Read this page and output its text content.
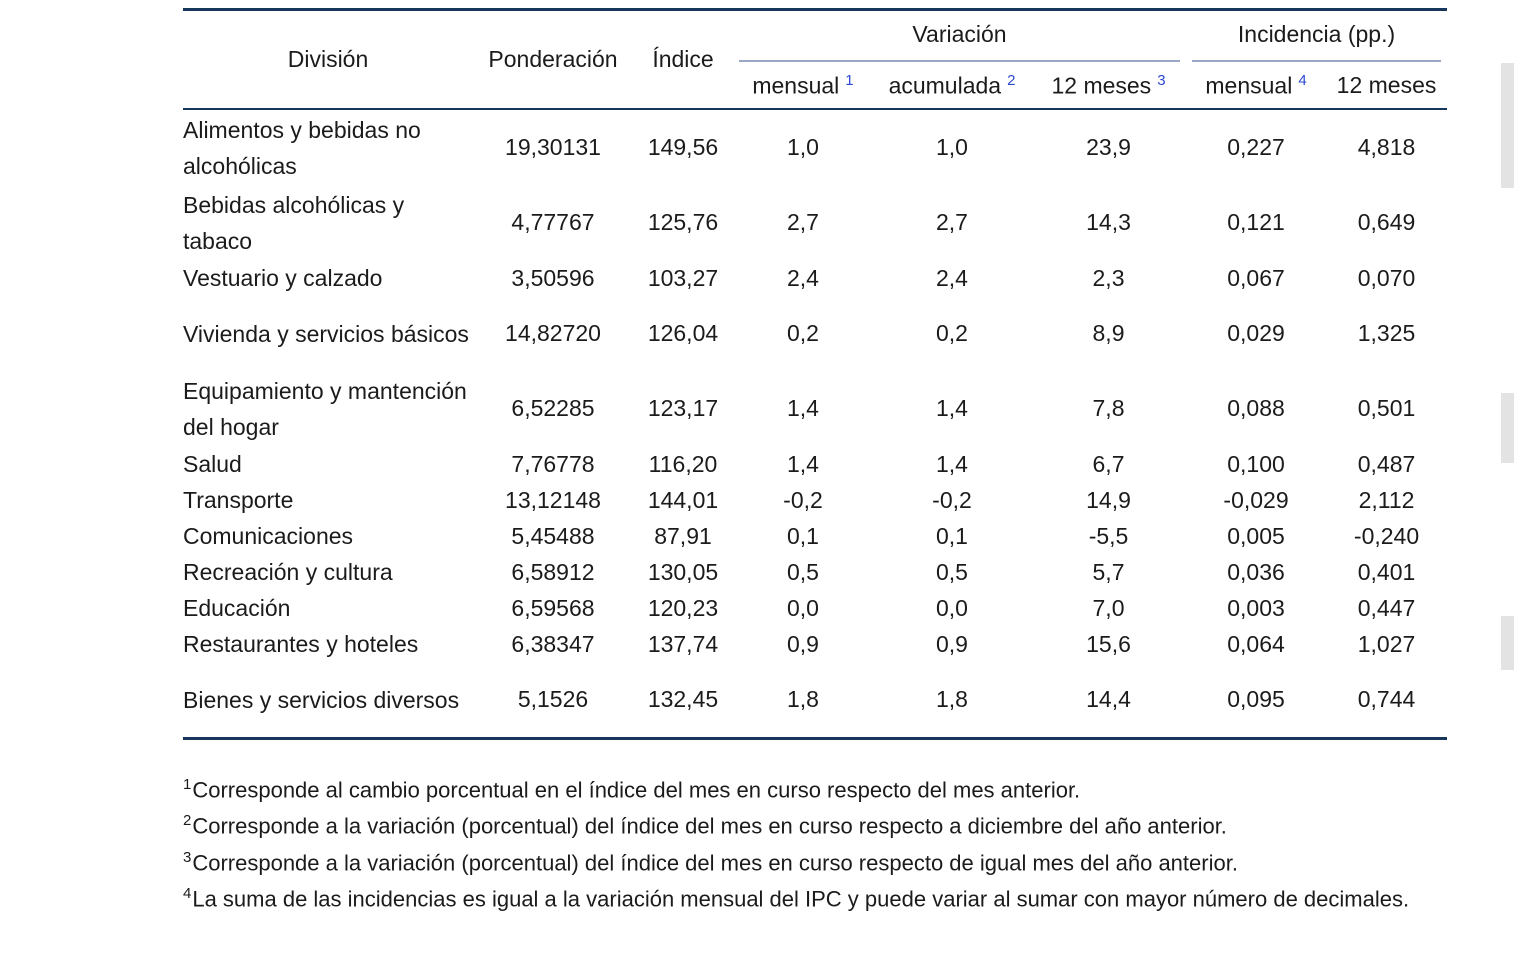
División	Ponderación	Índice	Variación			Incidencia (pp.)	
			mensual $^1$	acumulada $^2$	12 meses $^3$	mensual $^4$	12 meses
Alimentos y bebidas no alcohólicas	19,30131	149,56	1,0	1,0	23,9	0,227	4,818
Bebidas alcohólicas y tabaco	4,77767	125,76	2,7	2,7	14,3	0,121	0,649
Vestuario y calzado	3,50596	103,27	2,4	2,4	2,3	0,067	0,070
Vivienda y servicios básicos	14,82720	126,04	0,2	0,2	8,9	0,029	1,325
Equipamiento y mantención del hogar	6,52285	123,17	1,4	1,4	7,8	0,088	0,501
Salud	7,76778	116,20	1,4	1,4	6,7	0,100	0,487
Transporte	13,12148	144,01	-0,2	-0,2	14,9	-0,029	2,112
Comunicaciones	5,45488	87,91	0,1	0,1	-5,5	0,005	-0,240
Recreación y cultura	6,58912	130,05	0,5	0,5	5,7	0,036	0,401
Educación	6,59568	120,23	0,0	0,0	7,0	0,003	0,447
Restaurantes y hoteles	6,38347	137,74	0,9	0,9	15,6	0,064	1,027
Bienes y servicios diversos	5,1526	132,45	1,8	1,8	14,4	0,095	0,744
$^1$Corresponde al cambio porcentual en el índice del mes en curso respecto del mes anterior.
$^2$Corresponde a la variación (porcentual) del índice del mes en curso respecto a diciembre del año anterior.
$^3$Corresponde a la variación (porcentual) del índice del mes en curso respecto de igual mes del año anterior.
$^4$La suma de las incidencias es igual a la variación mensual del IPC y puede variar al sumar con mayor número de decimales.
